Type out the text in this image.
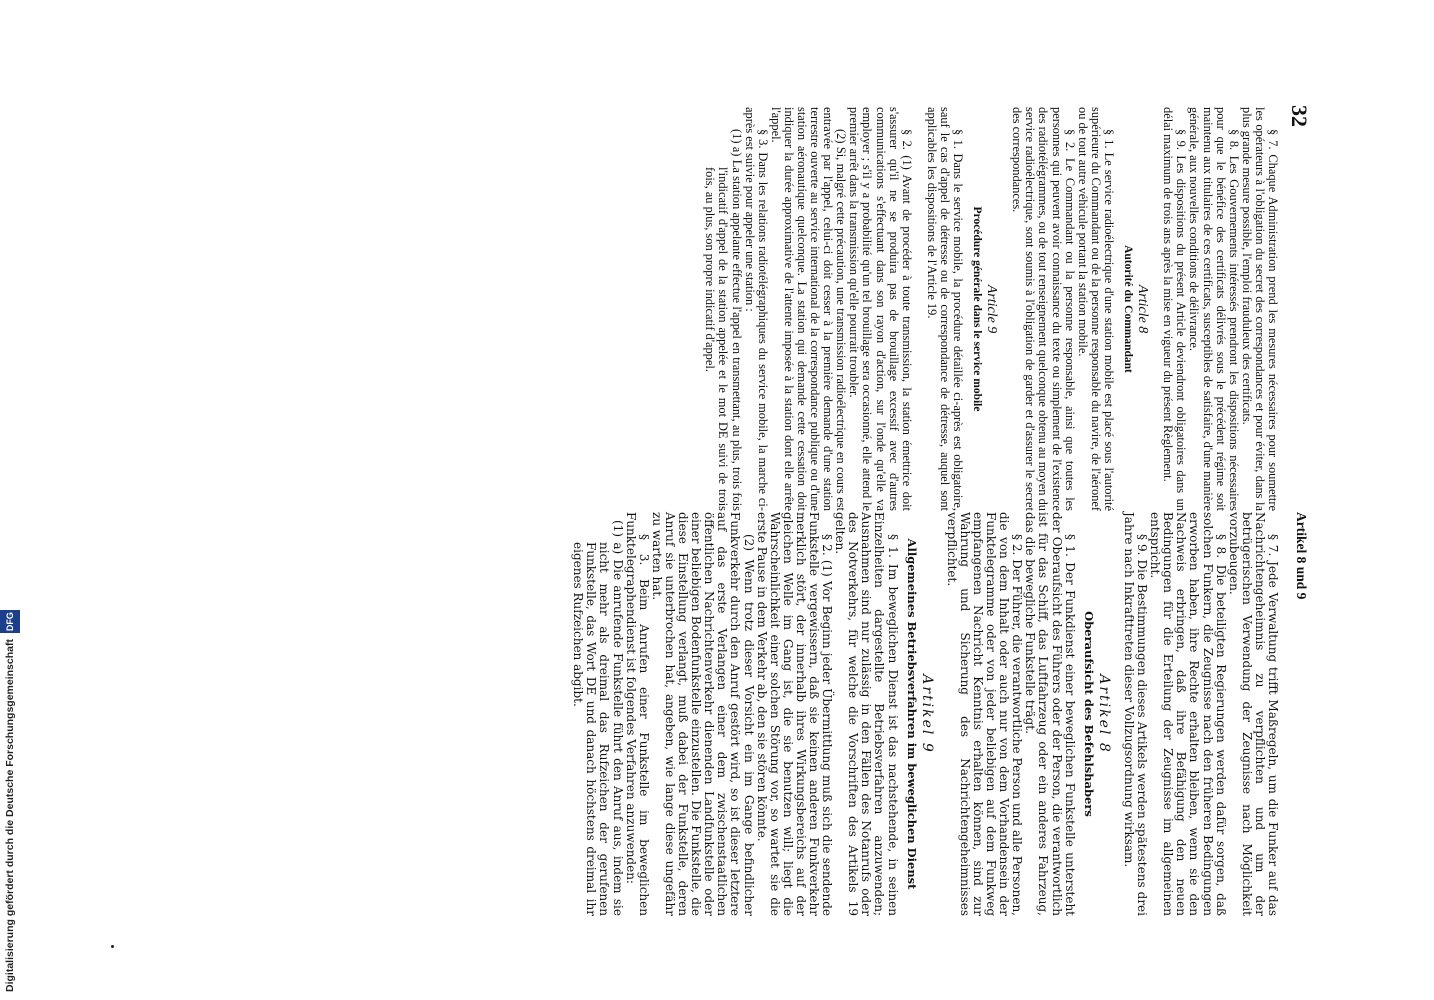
32
Artikel 8 und 9

§ 7. Chaque Administration prend les mesures nécessaires pour soumettre les opérateurs à l'obligation du secret des correspondances et pour éviter, dans la plus grande mesure possible, l'emploi frauduleux des certificats.

§ 8. Les Gouvernements intéressés prendront les dispositions nécessaires pour que le bénéfice des certificats délivrés sous le précédent régime soit maintenu aux titulaires de ces certificats, susceptibles de satisfaire, d'une manière générale, aux nouvelles conditions de délivrance.

§ 9. Les dispositions du présent Article deviendront obligatoires dans un délai maximum de trois ans après la mise en vigueur du présent Règlement.

Article 8

Autorité du Commandant

§ 1. Le service radioélectrique d'une station mobile est placé sous l'autorité supérieure du Commandant ou de la personne responsable du navire, de l'aéronef ou de tout autre véhicule portant la station mobile.

§ 2. Le Commandant ou la personne responsable, ainsi que toutes les personnes qui peuvent avoir connaissance du texte ou simplement de l'existence des radiotélégrammes, ou de tout renseignement quelconque obtenu au moyen du service radioélectrique, sont soumis à l'obligation de garder et d'assurer le secret des correspondances.

Article 9

Procédure générale dans le service mobile

§ 1. Dans le service mobile, la procédure détaillée ci-après est obligatoire, sauf le cas d'appel de détresse ou de correspondance de détresse, auquel sont applicables les dispositions de l'Article 19.

§ 2. (1) Avant de procéder à toute transmission, la station émettrice doit s'assurer qu'il ne se produira pas de brouillage excessif avec d'autres communications s'effectuant dans son rayon d'action, sur l'onde qu'elle va employer ; s'il y a probabilité qu'un tel brouillage sera occasionné, elle attend le premier arrêt dans la transmission qu'elle pourrait troubler.

(2) Si, malgré cette précaution, une transmission radioélectrique en cours est entravée par l'appel, celui-ci doit cesser à la première demande d'une station terrestre ouverte au service international de la correspondance publique ou d'une station aéronautique quelconque. La station qui demande cette cessation doit indiquer la durée approximative de l'attente imposée à la station dont elle arrête l'appel.

§ 3. Dans les relations radiotélégraphiques du service mobile, la marche ci-après est suivie pour appeler une station :

(1) a) La station appelante effectue l'appel en transmettant, au plus, trois fois l'indicatif d'appel de la station appelée et le mot DE suivi de trois fois, au plus, son propre indicatif d'appel.

§ 7. Jede Verwaltung trifft Maßregeln, um die Funker auf das Nachrichtengeheimnis zu verpflichten und um der betrügerischen Verwendung der Zeugnisse nach Möglichkeit vorzubeugen.

§ 8. Die beteiligten Regierungen werden dafür sorgen, daß solchen Funkern, die Zeugnisse nach den früheren Bedingungen erworben haben, ihre Rechte erhalten bleiben, wenn sie den Nachweis erbringen, daß ihre Befähigung den neuen Bedingungen für die Erteilung der Zeugnisse im allgemeinen entspricht.

§ 9. Die Bestimmungen dieses Artikels werden spätestens drei Jahre nach Inkrafttreten dieser Vollzugsordnung wirksam.

Artikel 8

Oberaufsicht des Befehlshabers

§ 1. Der Funkdienst einer beweglichen Funkstelle untersteht der Oberaufsicht des Führers oder der Person, die verantwortlich ist für das Schiff, das Luftfahrzeug oder ein anderes Fahrzeug, das die bewegliche Funkstelle trägt.

§ 2. Der Führer, die verantwortliche Person und alle Personen, die von dem Inhalt oder auch nur von dem Vorhandensein der Funktelegramme oder von jeder beliebigen auf dem Funkweg empfangenen Nachricht Kenntnis erhalten können, sind zur Wahrung und Sicherung des Nachrichtengeheimnisses verpflichtet.

Artikel 9

Allgemeines Betriebsverfahren im beweglichen Dienst

§ 1. Im beweglichen Dienst ist das nachstehende, in seinen Einzelheiten dargestellte Betriebsverfahren anzuwenden; Ausnahmen sind nur zulässig in den Fällen des Notanrufs oder des Notverkehrs, für welche die Vorschriften des Artikels 19 gelten.

§ 2. (1) Vor Beginn jeder Übermittlung muß sich die sendende Funkstelle vergewissern, daß sie keinen anderen Funkverkehr merklich stört, der innerhalb ihres Wirkungsbereichs auf der gleichen Welle im Gang ist, die sie benutzen will; liegt die Wahrscheinlichkeit einer solchen Störung vor, so wartet sie die erste Pause in dem Verkehr ab, den sie stören könnte.

(2) Wenn trotz dieser Vorsicht ein im Gange befindlicher Funkverkehr durch den Anruf gestört wird, so ist dieser letztere auf das erste Verlangen einer dem zwischenstaatlichen öffentlichen Nachrichtenverkehr dienenden Landfunkstelle oder einer beliebigen Bodenfunkstelle einzustellen. Die Funkstelle, die diese Einstellung verlangt, muß dabei der Funkstelle, deren Anruf sie unterbrochen hat, angeben, wie lange diese ungefähr zu warten hat.

§ 3. Beim Anrufen einer Funkstelle im beweglichen Funktelegraphendienst ist folgendes Verfahren anzuwenden:

(1) a) Die anrufende Funkstelle führt den Anruf aus, indem sie nicht mehr als dreimal das Rufzeichen der gerufenen Funkstelle, das Wort DE und danach höchstens dreimal ihr eigenes Rufzeichen abgibt.

Digitalisierung gefördert durch die Deutsche Forschungsgemeinschaft DFG
